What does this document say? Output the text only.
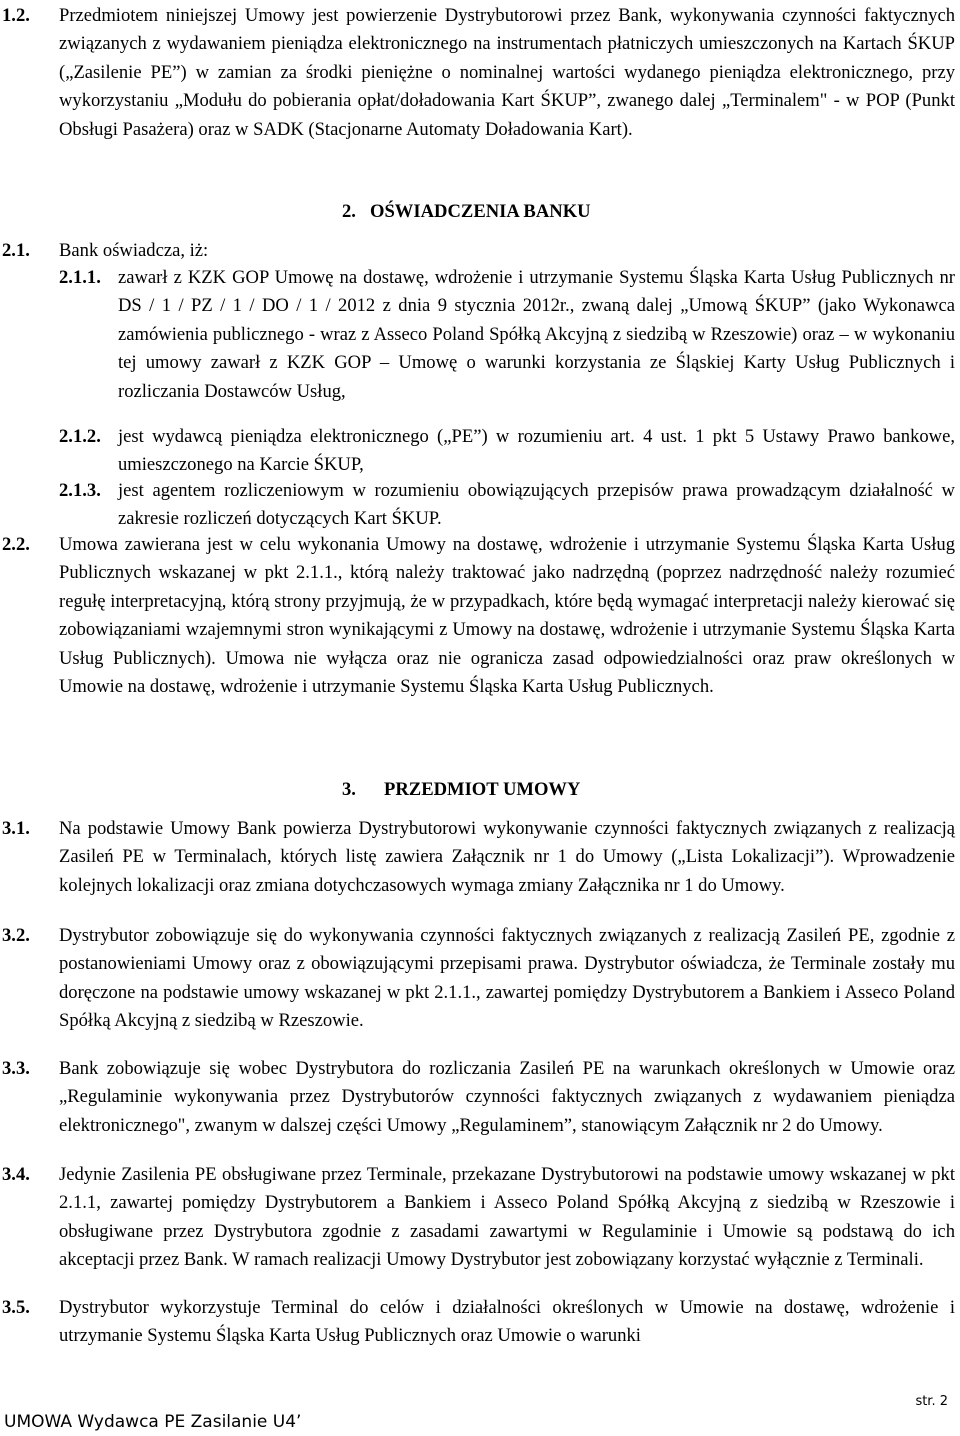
1.2. Przedmiotem niniejszej Umowy jest powierzenie Dystrybutorowi przez Bank, wykonywania czynności faktycznych związanych z wydawaniem pieniądza elektronicznego na instrumentach płatniczych umieszczonych na Kartach ŚKUP („Zasilenie PE”) w zamian za środki pieniężne o nominalnej wartości wydanego pieniądza elektronicznego, przy wykorzystaniu „Modułu do pobierania opłat/doładowania Kart ŚKUP”, zwanego dalej „Terminalem" - w POP (Punkt Obsługi Pasażera) oraz w SADK (Stacjonarne Automaty Doładowania Kart).
2. OŚWIADCZENIA BANKU
2.1. Bank oświadcza, iż:
2.1.1. zawarł z KZK GOP Umowę na dostawę, wdrożenie i utrzymanie Systemu Śląska Karta Usług Publicznych nr DS / 1 / PZ / 1 / DO / 1 / 2012 z dnia 9 stycznia 2012r., zwaną dalej „Umową ŚKUP” (jako Wykonawca zamówienia publicznego - wraz z Asseco Poland Spółką Akcyjną z siedzibą w Rzeszowie) oraz – w wykonaniu tej umowy zawarł z KZK GOP – Umowę o warunki korzystania ze Śląskiej Karty Usług Publicznych i rozliczania Dostawców Usług,
2.1.2. jest wydawcą pieniądza elektronicznego („PE”) w rozumieniu art. 4 ust. 1 pkt 5 Ustawy Prawo bankowe, umieszczonego na Karcie ŚKUP,
2.1.3. jest agentem rozliczeniowym w rozumieniu obowiązujących przepisów prawa prowadzącym działalność w zakresie rozliczeń dotyczących Kart ŚKUP.
2.2. Umowa zawierana jest w celu wykonania Umowy na dostawę, wdrożenie i utrzymanie Systemu Śląska Karta Usług Publicznych wskazanej w pkt 2.1.1., którą należy traktować jako nadrzędną (poprzez nadrzędność należy rozumieć regułę interpretacyjną, którą strony przyjmują, że w przypadkach, które będą wymagać interpretacji należy kierować się zobowiązaniami wzajemnymi stron wynikającymi z Umowy na dostawę, wdrożenie i utrzymanie Systemu Śląska Karta Usług Publicznych). Umowa nie wyłącza oraz nie ogranicza zasad odpowiedzialności oraz praw określonych w Umowie na dostawę, wdrożenie i utrzymanie Systemu Śląska Karta Usług Publicznych.
3. PRZEDMIOT UMOWY
3.1. Na podstawie Umowy Bank powierza Dystrybutorowi wykonywanie czynności faktycznych związanych z realizacją Zasileń PE w Terminalach, których listę zawiera Załącznik nr 1 do Umowy („Lista Lokalizacji”). Wprowadzenie kolejnych lokalizacji oraz zmiana dotychczasowych wymaga zmiany Załącznika nr 1 do Umowy.
3.2. Dystrybutor zobowiązuje się do wykonywania czynności faktycznych związanych z realizacją Zasileń PE, zgodnie z postanowieniami Umowy oraz z obowiązującymi przepisami prawa. Dystrybutor oświadcza, że Terminale zostały mu doręczone na podstawie umowy wskazanej w pkt 2.1.1., zawartej pomiędzy Dystrybutorem a Bankiem i Asseco Poland Spółką Akcyjną z siedzibą w Rzeszowie.
3.3. Bank zobowiązuje się wobec Dystrybutora do rozliczania Zasileń PE na warunkach określonych w Umowie oraz „Regulaminie wykonywania przez Dystrybutorów czynności faktycznych związanych z wydawaniem pieniądza elektronicznego", zwanym w dalszej części Umowy „Regulaminem”, stanowiącym Załącznik nr 2 do Umowy.
3.4. Jedynie Zasilenia PE obsługiwane przez Terminale, przekazane Dystrybutorowi na podstawie umowy wskazanej w pkt 2.1.1, zawartej pomiędzy Dystrybutorem a Bankiem i Asseco Poland Spółką Akcyjną z siedzibą w Rzeszowie i obsługiwane przez Dystrybutora zgodnie z zasadami zawartymi w Regulaminie i Umowie są podstawą do ich akceptacji przez Bank. W ramach realizacji Umowy Dystrybutor jest zobowiązany korzystać wyłącznie z Terminali.
3.5. Dystrybutor wykorzystuje Terminal do celów i działalności określonych w Umowie na dostawę, wdrożenie i utrzymanie Systemu Śląska Karta Usług Publicznych oraz Umowie o warunki
str. 2
UMOWA Wydawca PE Zasilanie U4’
